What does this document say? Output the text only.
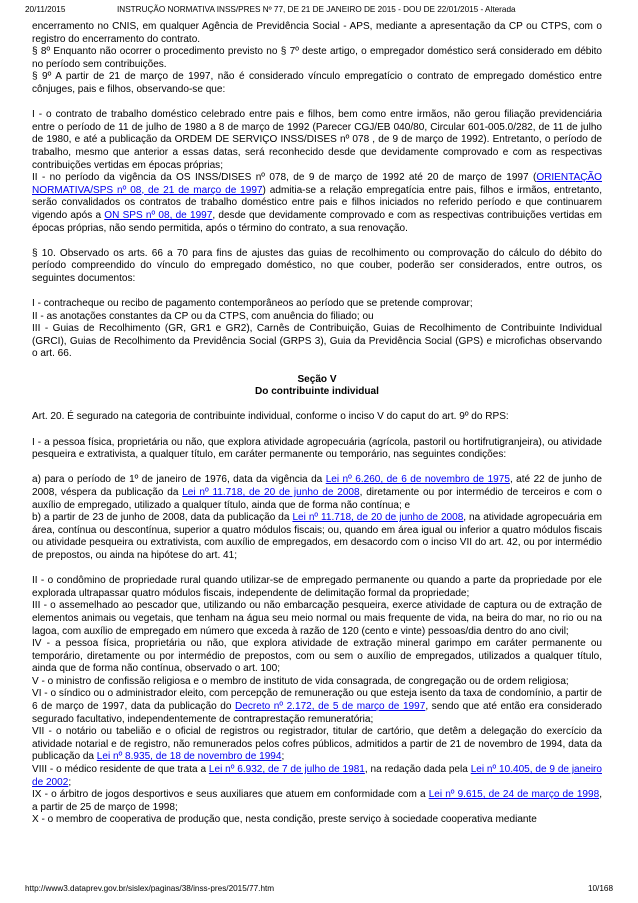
20/11/2015	INSTRUÇÃO NORMATIVA INSS/PRES Nº 77, DE 21 DE JANEIRO DE 2015 - DOU DE 22/01/2015 - Alterada

encerramento no CNIS, em qualquer Agência de Previdência Social - APS, mediante a apresentação da CP ou CTPS, com o registro do encerramento do contrato.

§ 8º Enquanto não ocorrer o procedimento previsto no § 7º deste artigo, o empregador doméstico será considerado em débito no período sem contribuições.

§ 9º A partir de 21 de março de 1997, não é considerado vínculo empregatício o contrato de empregado doméstico entre cônjuges, pais e filhos, observando-se que:

I - o contrato de trabalho doméstico celebrado entre pais e filhos, bem como entre irmãos, não gerou filiação previdenciária entre o período de 11 de julho de 1980 a 8 de março de 1992 (Parecer CGJ/EB 040/80, Circular 601-005.0/282, de 11 de julho de 1980, e até a publicação da ORDEM DE SERVIÇO INSS/DISES nº 078 , de 9 de março de 1992). Entretanto, o período de trabalho, mesmo que anterior a essas datas, será reconhecido desde que devidamente comprovado e com as respectivas contribuições vertidas em épocas próprias;

II - no período da vigência da OS INSS/DISES nº 078, de 9 de março de 1992 até 20 de março de 1997 (ORIENTAÇÃO NORMATIVA/SPS nº 08, de 21 de março de 1997) admitia-se a relação empregatícia entre pais, filhos e irmãos, entretanto, serão convalidados os contratos de trabalho doméstico entre pais e filhos iniciados no referido período e que continuarem vigendo após a ON SPS nº 08, de 1997, desde que devidamente comprovado e com as respectivas contribuições vertidas em épocas próprias, não sendo permitida, após o término do contrato, a sua renovação.

§ 10. Observado os arts. 66 a 70 para fins de ajustes das guias de recolhimento ou comprovação do cálculo do débito do período compreendido do vínculo do empregado doméstico, no que couber, poderão ser considerados, entre outros, os seguintes documentos:

I - contracheque ou recibo de pagamento contemporâneos ao período que se pretende comprovar;

II - as anotações constantes da CP ou da CTPS, com anuência do filiado; ou

III - Guias de Recolhimento (GR, GR1 e GR2), Carnês de Contribuição, Guias de Recolhimento de Contribuinte Individual (GRCI), Guias de Recolhimento da Previdência Social (GRPS 3), Guia da Previdência Social (GPS) e microfichas observando o art. 66.

Seção V

Do contribuinte individual

Art. 20. É segurado na categoria de contribuinte individual, conforme o inciso V do caput do art. 9º do RPS:

I - a pessoa física, proprietária ou não, que explora atividade agropecuária (agrícola, pastoril ou hortifrutigranjeira), ou atividade pesqueira e extrativista, a qualquer título, em caráter permanente ou temporário, nas seguintes condições:

a) para o período de 1º de janeiro de 1976, data da vigência da Lei nº 6.260, de 6 de novembro de 1975, até 22 de junho de 2008, véspera da publicação da Lei nº 11.718, de 20 de junho de 2008, diretamente ou por intermédio de terceiros e com o auxílio de empregado, utilizado a qualquer título, ainda que de forma não contínua; e

b) a partir de 23 de junho de 2008, data da publicação da Lei nº 11.718, de 20 de junho de 2008, na atividade agropecuária em área, contínua ou descontínua, superior a quatro módulos fiscais; ou, quando em área igual ou inferior a quatro módulos fiscais ou atividade pesqueira ou extrativista, com auxílio de empregados, em desacordo com o inciso VII do art. 42, ou por intermédio de prepostos, ou ainda na hipótese do art. 41;

II - o condômino de propriedade rural quando utilizar-se de empregado permanente ou quando a parte da propriedade por ele explorada ultrapassar quatro módulos fiscais, independente de delimitação formal da propriedade;

III - o assemelhado ao pescador que, utilizando ou não embarcação pesqueira, exerce atividade de captura ou de extração de elementos animais ou vegetais, que tenham na água seu meio normal ou mais frequente de vida, na beira do mar, no rio ou na lagoa, com auxílio de empregado em número que exceda à razão de 120 (cento e vinte) pessoas/dia dentro do ano civil;

IV - a pessoa física, proprietária ou não, que explora atividade de extração mineral garimpo em caráter permanente ou temporário, diretamente ou por intermédio de prepostos, com ou sem o auxílio de empregados, utilizados a qualquer título, ainda que de forma não contínua, observado o art. 100;

V - o ministro de confissão religiosa e o membro de instituto de vida consagrada, de congregação ou de ordem religiosa;

VI - o síndico ou o administrador eleito, com percepção de remuneração ou que esteja isento da taxa de condomínio, a partir de 6 de março de 1997, data da publicação do Decreto nº 2.172, de 5 de março de 1997, sendo que até então era considerado segurado facultativo, independentemente de contraprestação remuneratória;

VII - o notário ou tabelião e o oficial de registros ou registrador, titular de cartório, que detêm a delegação do exercício da atividade notarial e de registro, não remunerados pelos cofres públicos, admitidos a partir de 21 de novembro de 1994, data da publicação da Lei nº 8.935, de 18 de novembro de 1994;

VIII - o médico residente de que trata a Lei nº 6.932, de 7 de julho de 1981, na redação dada pela Lei nº 10.405, de 9 de janeiro de 2002;

IX - o árbitro de jogos desportivos e seus auxiliares que atuem em conformidade com a Lei nº 9.615, de 24 de março de 1998, a partir de 25 de março de 1998;

X - o membro de cooperativa de produção que, nesta condição, preste serviço à sociedade cooperativa mediante

http://www3.dataprev.gov.br/sislex/paginas/38/inss-pres/2015/77.htm	10/168
